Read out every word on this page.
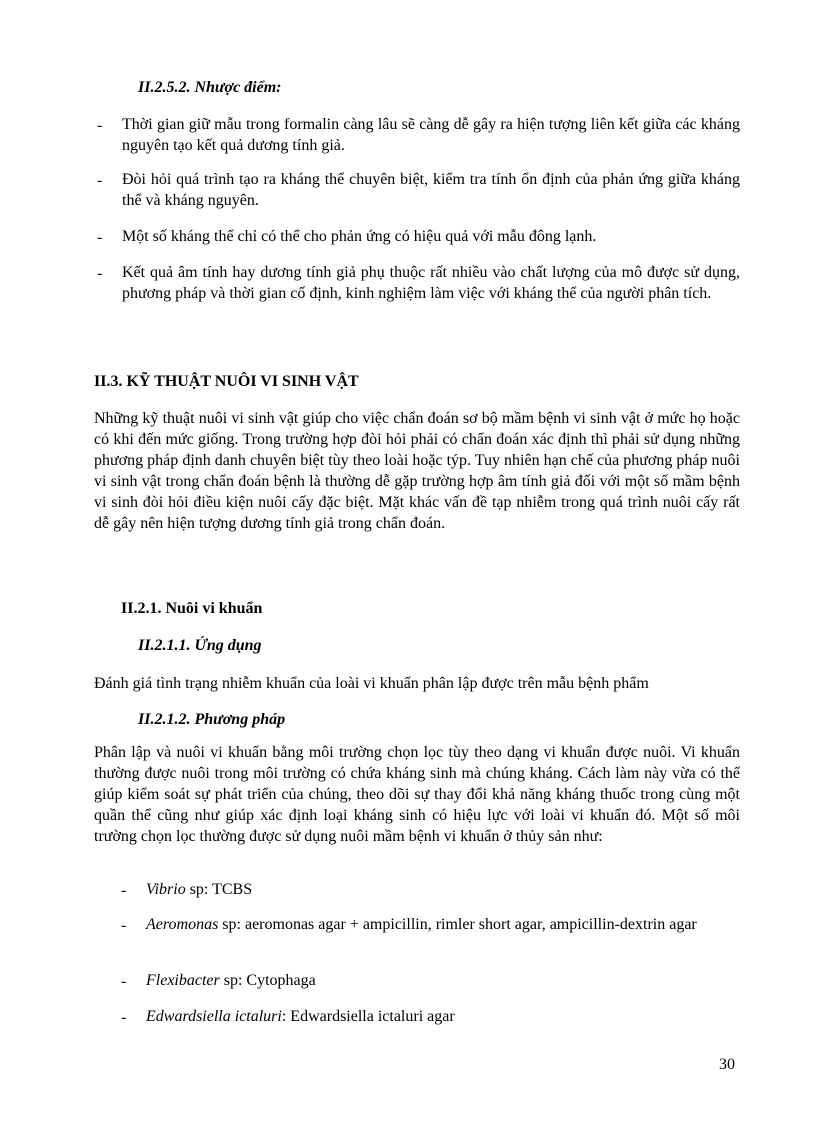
II.2.5.2. Nhược điểm:
- Thời gian giữ mẫu trong formalin càng lâu sẽ càng dễ gây ra hiện tượng liên kết giữa các kháng nguyên tạo kết quả dương tính giả.
- Đòi hỏi quá trình tạo ra kháng thể chuyên biệt, kiểm tra tính ổn định của phản ứng giữa kháng thể và kháng nguyên.
- Một số kháng thể chỉ có thể cho phản ứng có hiệu quả với mẫu đông lạnh.
- Kết quả âm tính hay dương tính giả phụ thuộc rất nhiều vào chất lượng của mô được sử dụng, phương pháp và thời gian cố định, kinh nghiệm làm việc với kháng thể của người phân tích.
II.3. KỸ THUẬT NUÔI VI SINH VẬT
Những kỹ thuật nuôi vi sinh vật giúp cho việc chẩn đoán sơ bộ mầm bệnh vi sinh vật ở mức họ hoặc có khi đến mức giống. Trong trường hợp đòi hỏi phải có chẩn đoán xác định thì phải sử dụng những phương pháp định danh chuyên biệt tùy theo loài hoặc týp. Tuy nhiên hạn chế của phương pháp nuôi vi sinh vật trong chẩn đoán bệnh là thường dễ gặp trường hợp âm tính giả đối với một số mầm bệnh vi sinh đòi hỏi điều kiện nuôi cấy đặc biệt. Mặt khác vấn đề tạp nhiễm trong quá trình nuôi cấy rất dễ gây nên hiện tượng dương tính giả trong chẩn đoán.
II.2.1. Nuôi vi khuẩn
II.2.1.1. Ứng dụng
Đánh giá tình trạng nhiễm khuẩn của loài vi khuẩn phân lập được trên mẫu bệnh phẩm
II.2.1.2. Phương pháp
Phân lập và nuôi vi khuẩn bằng môi trường chọn lọc tùy theo dạng vi khuẩn được nuôi. Vi khuẩn thường được nuôi trong môi trường có chứa kháng sinh mà chúng kháng. Cách làm này vừa có thể giúp kiểm soát sự phát triển của chúng, theo dõi sự thay đổi khả năng kháng thuốc trong cùng một quần thể cũng như giúp xác định loại kháng sinh có hiệu lực với loài vi khuẩn đó. Một số môi trường chọn lọc thường được sử dụng nuôi mầm bệnh vi khuẩn ở thủy sản như:
- Vibrio sp: TCBS
- Aeromonas sp: aeromonas agar + ampicillin, rimler short agar, ampicillin-dextrin agar
- Flexibacter sp: Cytophaga
- Edwardsiella ictaluri: Edwardsiella ictaluri agar
30
